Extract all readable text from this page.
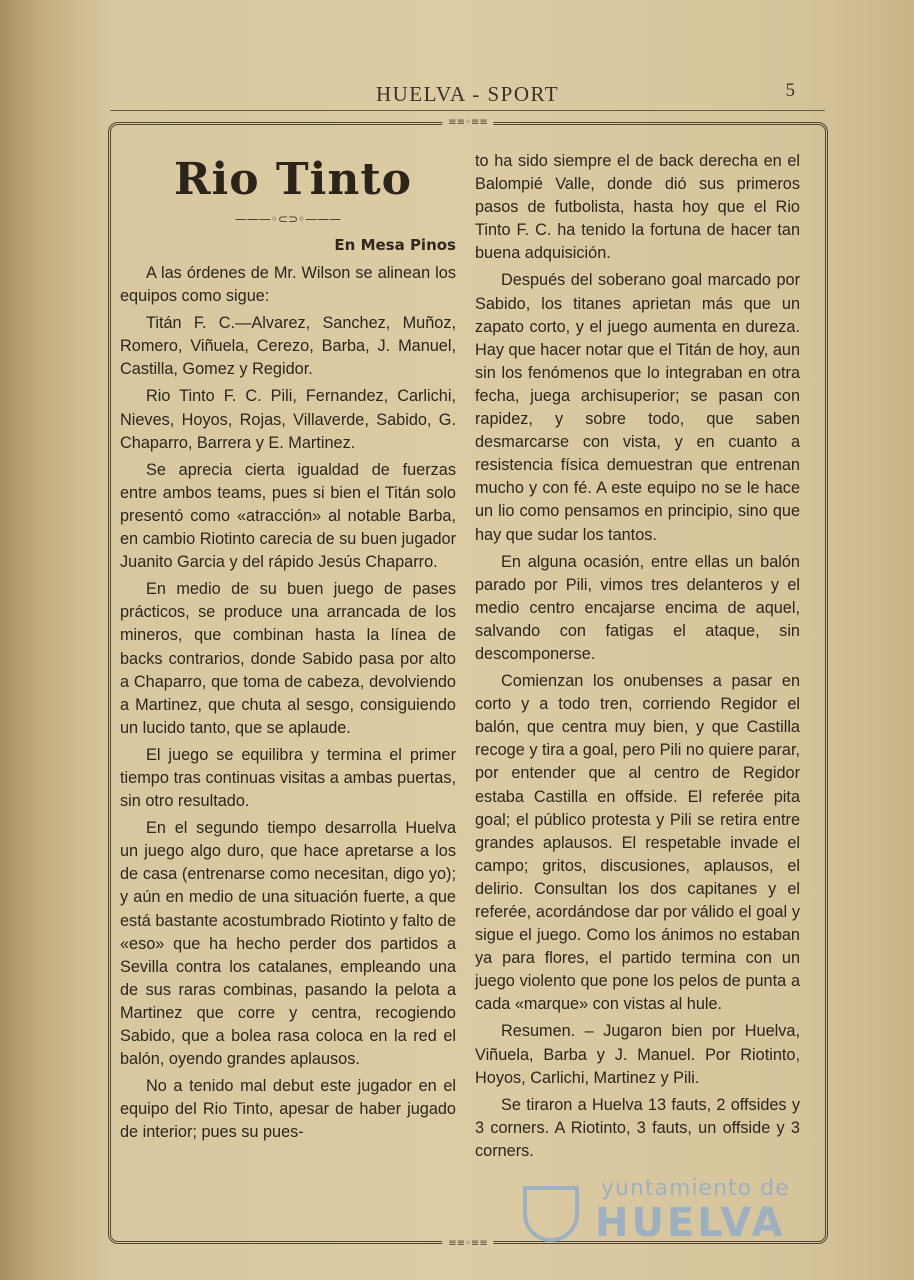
HUELVA - SPORT	5
≡≡◦≡≡
≡≡◦≡≡
Rio Tinto
———◦⊂⊃◦———
En Mesa Pinos

A las órdenes de Mr. Wilson se alinean los equipos como sigue:

Titán F. C.—Alvarez, Sanchez, Muñoz, Romero, Viñuela, Cerezo, Barba, J. Manuel, Castilla, Gomez y Regidor.

Rio Tinto F. C. Pili, Fernandez, Carlichi, Nieves, Hoyos, Rojas, Villaverde, Sabido, G. Chaparro, Barrera y E. Martinez.

Se aprecia cierta igualdad de fuerzas entre ambos teams, pues si bien el Titán solo presentó como «atracción» al notable Barba, en cambio Riotinto carecia de su buen jugador Juanito Garcia y del rápido Jesús Chaparro.

En medio de su buen juego de pases prácticos, se produce una arrancada de los mineros, que combinan hasta la línea de backs contrarios, donde Sabido pasa por alto a Chaparro, que toma de cabeza, devolviendo a Martinez, que chuta al sesgo, consiguiendo un lucido tanto, que se aplaude.

El juego se equilibra y termina el primer tiempo tras continuas visitas a ambas puertas, sin otro resultado.

En el segundo tiempo desarrolla Huelva un juego algo duro, que hace apretarse a los de casa (entrenarse como necesitan, digo yo); y aún en medio de una situación fuerte, a que está bastante acostumbrado Riotinto y falto de «eso» que ha hecho perder dos partidos a Sevilla contra los catalanes, empleando una de sus raras combinas, pasando la pelota a Martinez que corre y centra, recogiendo Sabido, que a bolea rasa coloca en la red el balón, oyendo grandes aplausos.

No a tenido mal debut este jugador en el equipo del Rio Tinto, apesar de haber jugado de interior; pues su pues-

to ha sido siempre el de back derecha en el Balompié Valle, donde dió sus primeros pasos de futbolista, hasta hoy que el Rio Tinto F. C. ha tenido la fortuna de hacer tan buena adquisición.

Después del soberano goal marcado por Sabido, los titanes aprietan más que un zapato corto, y el juego aumenta en dureza. Hay que hacer notar que el Titán de hoy, aun sin los fenómenos que lo integraban en otra fecha, juega archisuperior; se pasan con rapidez, y sobre todo, que saben desmarcarse con vista, y en cuanto a resistencia física demuestran que entrenan mucho y con fé. A este equipo no se le hace un lio como pensamos en principio, sino que hay que sudar los tantos.

En alguna ocasión, entre ellas un balón parado por Pili, vimos tres delanteros y el medio centro encajarse encima de aquel, salvando con fatigas el ataque, sin descomponerse.

Comienzan los onubenses a pasar en corto y a todo tren, corriendo Regidor el balón, que centra muy bien, y que Castilla recoge y tira a goal, pero Pili no quiere parar, por entender que al centro de Regidor estaba Castilla en offside. El referée pita goal; el público protesta y Pili se retira entre grandes aplausos. El respetable invade el campo; gritos, discusiones, aplausos, el delirio. Consultan los dos capitanes y el referée, acordándose dar por válido el goal y sigue el juego. Como los ánimos no estaban ya para flores, el partido termina con un juego violento que pone los pelos de punta a cada «marque» con vistas al hule.

Resumen. – Jugaron bien por Huelva, Viñuela, Barba y J. Manuel. Por Riotinto, Hoyos, Carlichi, Martinez y Pili.

Se tiraron a Huelva 13 fauts, 2 offsides y 3 corners. A Riotinto, 3 fauts, un offside y 3 corners.

yuntamiento de
HUELVA
